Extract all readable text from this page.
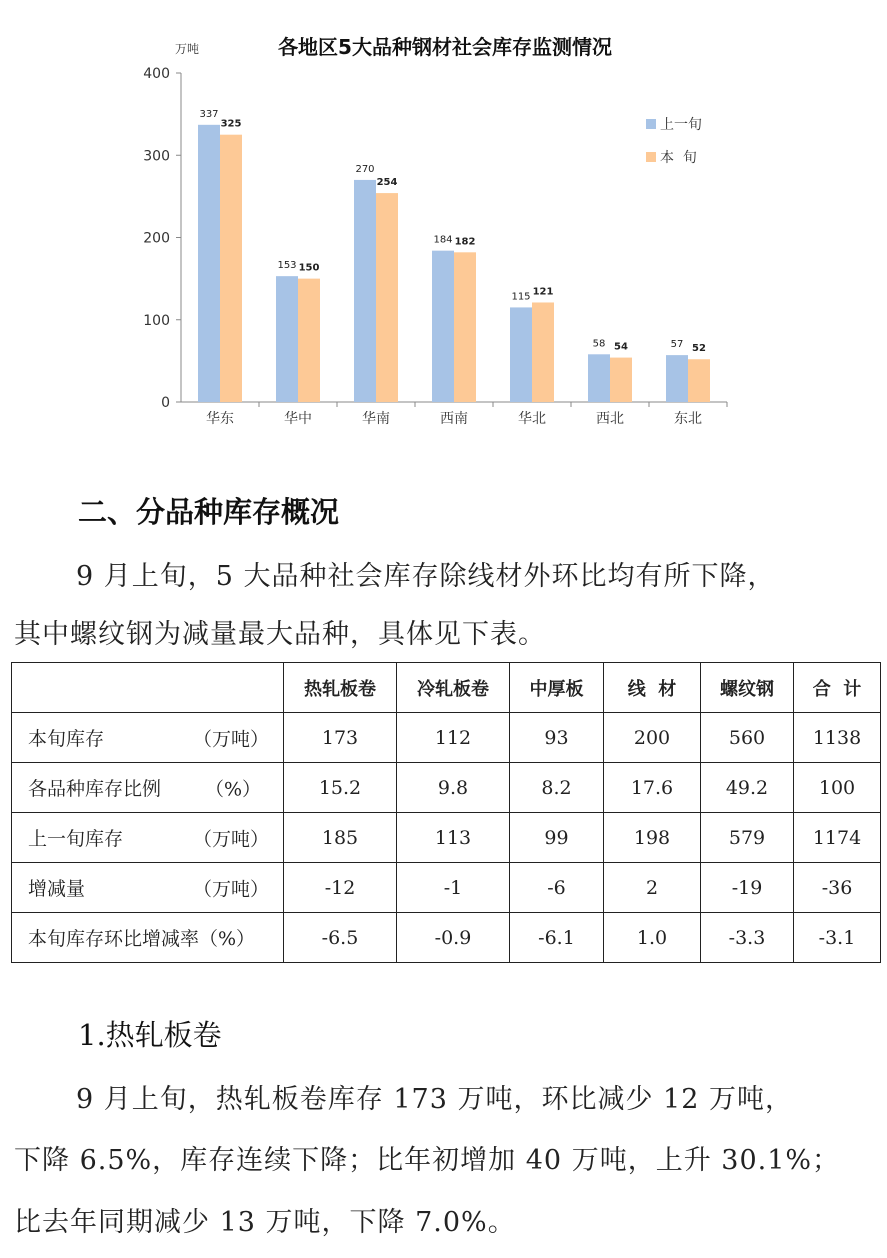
万吨	各地区5大品种钢材社会库存监测情况
0
100
200
300
400
337
325
153 150
270
254
184 182
115 121
58 54	57 52
华东	华中	华南	西南	华北	西北	东北
上一旬
本  旬
二、分品种库存概况
9 月上旬，5 大品种社会库存除线材外环比均有所下降，
其中螺纹钢为减量最大品种，具体见下表。
	热轧板卷	冷轧板卷	中厚板	线  材	螺纹钢	合  计
本旬库存 （万吨）	173	112	93	200	560	1138
各品种库存比例 （%）	15.2	9.8	8.2	17.6	49.2	100
上一旬库存 （万吨）	185	113	99	198	579	1174
增减量 （万吨）	-12	-1	-6	2	-19	-36
本旬库存环比增减率（%）	-6.5	-0.9	-6.1	1.0	-3.3	-3.1
1.热轧板卷
9 月上旬，热轧板卷库存 173 万吨，环比减少 12 万吨，
下降 6.5%，库存连续下降；比年初增加 40 万吨，上升 30.1%；
比去年同期减少 13 万吨，下降 7.0%。
